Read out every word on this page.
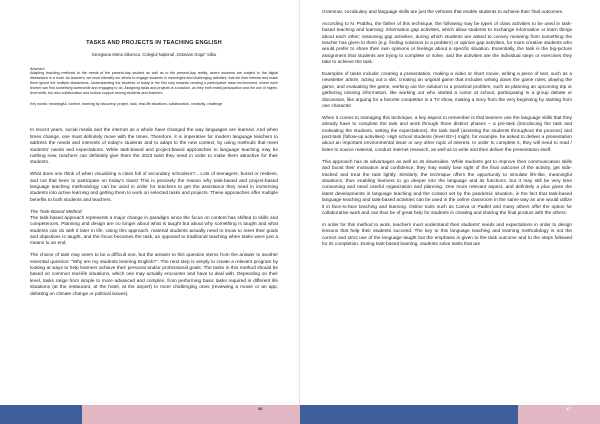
TASKS AND PROJECTS IN TEACHING ENGLISH
Georgiana Mona Săvescu, Colegiul Național „Octavian Goga” Sibiu

Abstract:

Adapting teaching methods to the needs of the present-day student as well as to the present-day reality, where students are subject to the digital distractions is a must. As teachers, we must intensify our efforts to engage students in meaningful and challenging activities, that stir their interest and make them ignore the multiple distractions. Understanding the students of today is the first step towards creating a participative class environment, where each learner can find something worthwhile and engaging to do. Assigning tasks and projects is a solution, as they both entail participation and the use of higher-level skills, but also collaboration and mutual support among students and teachers.

Key words: meaningful, context, learning by discovery, project, task, real-life situations, collaboration, creativity, challenge

In recent years, social media and the internet as a whole have changed the way languages are learned. And when times change, one must definitely move with the times. Therefore, it is imperative for modern language teachers to address the needs and interests of today's students and to adapt to the new context, by using methods that meet students' needs and expectations. While task-based and project-based approaches to language teaching may be nothing new, teachers can definitely give them the 2023 twist they need in order to make them attractive for their students.

What does one think of when visualizing a class full of secondary schoolers?... Lots of teenagers, bored or restless, and not that keen to participate on today's class! This is precisely the reason why task-based and project-based language teaching methodology can be used in order for teachers to get the assistance they need in immersing students into active learning and getting them to work on selected tasks and projects. These approaches offer multiple benefits to both students and teachers.

The Task-Based Method

The task-based approach represents a major change in paradigm since the focus on content has shifted to skills and competences. Planning and design are no longer about what is taught but about why something is taught and what students can do with it later in life. Using this approach, material students actually need to know to meet their goals and objectives is taught, and the focus becomes the task, as opposed to traditional teaching when tasks were just a means to an end.

The choice of task may seem to be a difficult one, but the answer to this question stems from the answer to another essential question: "Why are my students learning English?". The next step is simply to create a relevant program by looking at ways to help learners achieve their personal and/or professional goals. The tasks in this method should be based on common real-life situations, which one may actually encounter and have to deal with. Depending on their level, tasks range from simple to more advanced and complex, from performing basic tasks required in different life situations (at the restaurant, at the hotel, at the airport) to more challenging ones (reviewing a movie or an app, debating on climate change or political issues).

Grammar, vocabulary and language skills are just the vehicles that enable students to achieve their final outcomes.

According to N. Prabhu, the father of this technique, the following may be types of class activities to be used in task-based teaching and learning: information gap activities, which allow students to exchange information or learn things about each other; reasoning gap activities, during which students are asked to convey meaning from something the teacher has given to them (e.g. finding solutions to a problem) or opinion gap activities, for more creative students who would prefer to share their own opinions or feelings about a specific situation. Essentially, the task is the big-picture assignment that students are trying to complete or solve, and the activities are the individual steps or exercises they take to achieve the task.

Examples of tasks include: creating a presentation, making a video or short movie, writing a piece of text, such as a newsletter article, acting out a skit, creating an original game that includes writing down the game rules, playing the game, and evaluating the game, working out the solution to a practical problem, such as planning an upcoming trip or gathering missing information, like working out who started a rumor at school, participating in a group debate or discussion, like arguing for a favorite competitor in a TV show, making a story from the very beginning by starting from one character

When it comes to managing this technique, a key aspect to remember is that learners use the language skills that they already have to complete the task and work through three distinct phases – a pre-task (introducing the task and motivating the students, setting the expectations), the task itself (assisting the students throughout the process) and post-task (follow-up activities). High school students (level B2+) might, for example, be asked to deliver a presentation about an important environmental issue or any other topic of interest. In order to complete it, they will need to read / listen to source material, conduct internet research, as well as to write and then deliver the presentation itself.

This approach has its advantages as well as its downsides. While students get to improve their communication skills and boost their motivation and confidence, they may easily lose sight of the final outcome of the activity, get side-tracked and treat the task lightly. Similarly, the technique offers the opportunity to simulate life-like, meaningful situations, thus enabling learners to go deeper into the language and its functions, but it may still be very time consuming and need careful organization and planning. One more relevant aspect, and definitely a plus given the latest developments in language teaching and the context set by the pandemic situation, is the fact that task-based language teaching and task-based activities can be used in the online classroom in the same way as one would utilize it in face-to-face teaching and learning. Online tools such as Canva or Padlet and many others offer the option for collaborative work and can thus be of great help for students in creating and sharing the final product with the others.

In order for this method to work, teachers must understand their students' needs and expectations in order to design lessons that help their students succeed. The key to this language teaching and learning methodology is not the correct and strict use of the language taught but the emphasis is given to the task outcome and to the steps followed for its completion. During task-based learning, students solve tasks that are

46	47
